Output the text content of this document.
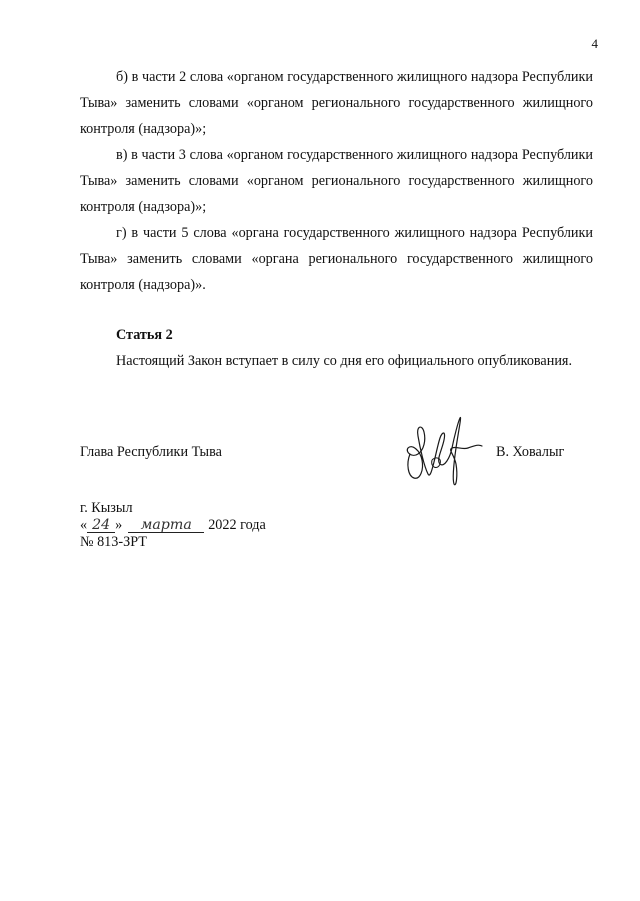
4

б) в части 2 слова «органом государственного жилищного надзора Республики Тыва» заменить словами «органом регионального государственного жилищного контроля (надзора)»;

в) в части 3 слова «органом государственного жилищного надзора Республики Тыва» заменить словами «органом регионального государственного жилищного контроля (надзора)»;

г) в части 5 слова «органа государственного жилищного надзора Республики Тыва» заменить словами «органа регионального государственного жилищного контроля (надзора)».

Статья 2

Настоящий Закон вступает в силу со дня его официального опубликования.

Глава Республики Тыва	В. Ховалыг
г. Кызыл
« 24 »	марта	2022 года
№ 813-ЗРТ
